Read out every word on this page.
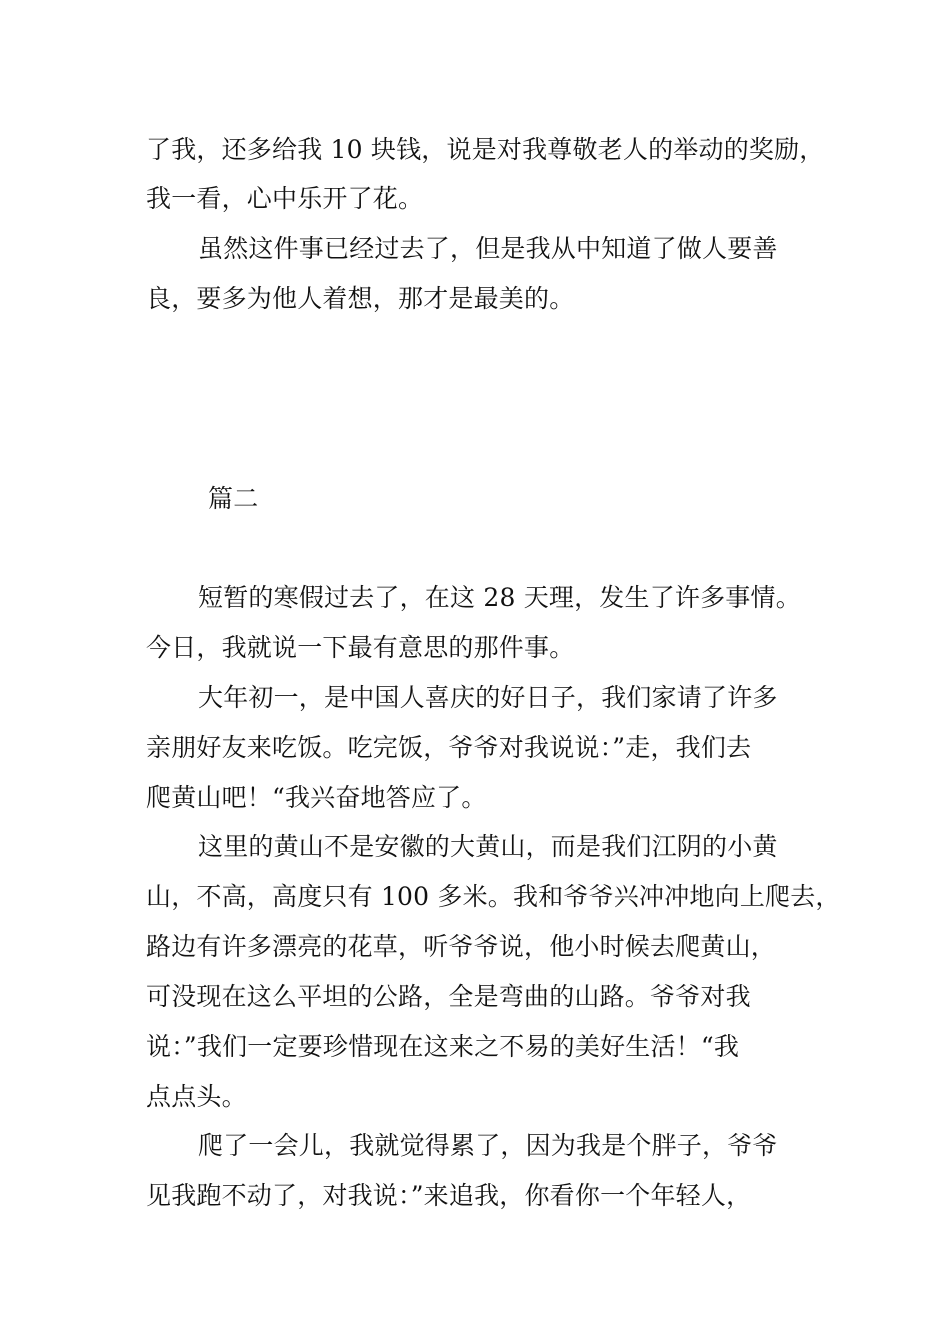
了我，还多给我 10 块钱，说是对我尊敬老人的举动的奖励，
我一看，心中乐开了花。
虽然这件事已经过去了，但是我从中知道了做人要善
良，要多为他人着想，那才是最美的。
篇二
短暂的寒假过去了，在这 28 天理，发生了许多事情。
今日，我就说一下最有意思的那件事。
大年初一，是中国人喜庆的好日子，我们家请了许多
亲朋好友来吃饭。吃完饭，爷爷对我说说：”走，我们去
爬黄山吧！“我兴奋地答应了。
这里的黄山不是安徽的大黄山，而是我们江阴的小黄
山，不高，高度只有 100 多米。我和爷爷兴冲冲地向上爬去，
路边有许多漂亮的花草，听爷爷说，他小时候去爬黄山，
可没现在这么平坦的公路，全是弯曲的山路。爷爷对我
说：”我们一定要珍惜现在这来之不易的美好生活！“我
点点头。
爬了一会儿，我就觉得累了，因为我是个胖子，爷爷
见我跑不动了，对我说：”来追我，你看你一个年轻人，
